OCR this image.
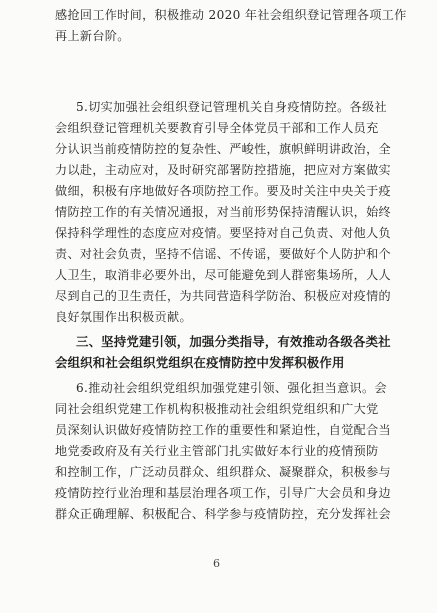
感抢回工作时间，积极推动 2020 年社会组织登记管理各项工作
再上新台阶。
5.切实加强社会组织登记管理机关自身疫情防控。各级社
会组织登记管理机关要教育引导全体党员干部和工作人员充
分认识当前疫情防控的复杂性、严峻性，旗帜鲜明讲政治，全
力以赴，主动应对，及时研究部署防控措施，把应对方案做实
做细，积极有序地做好各项防控工作。要及时关注中央关于疫
情防控工作的有关情况通报，对当前形势保持清醒认识，始终
保持科学理性的态度应对疫情。要坚持对自己负责、对他人负
责、对社会负责，坚持不信谣、不传谣，要做好个人防护和个
人卫生，取消非必要外出，尽可能避免到人群密集场所，人人
尽到自己的卫生责任，为共同营造科学防治、积极应对疫情的
良好氛围作出积极贡献。
三、坚持党建引领，加强分类指导，有效推动各级各类社
会组织和社会组织党组织在疫情防控中发挥积极作用
6.推动社会组织党组织加强党建引领、强化担当意识。会
同社会组织党建工作机构积极推动社会组织党组织和广大党
员深刻认识做好疫情防控工作的重要性和紧迫性，自觉配合当
地党委政府及有关行业主管部门扎实做好本行业的疫情预防
和控制工作，广泛动员群众、组织群众、凝聚群众，积极参与
疫情防控行业治理和基层治理各项工作，引导广大会员和身边
群众正确理解、积极配合、科学参与疫情防控，充分发挥社会
6
